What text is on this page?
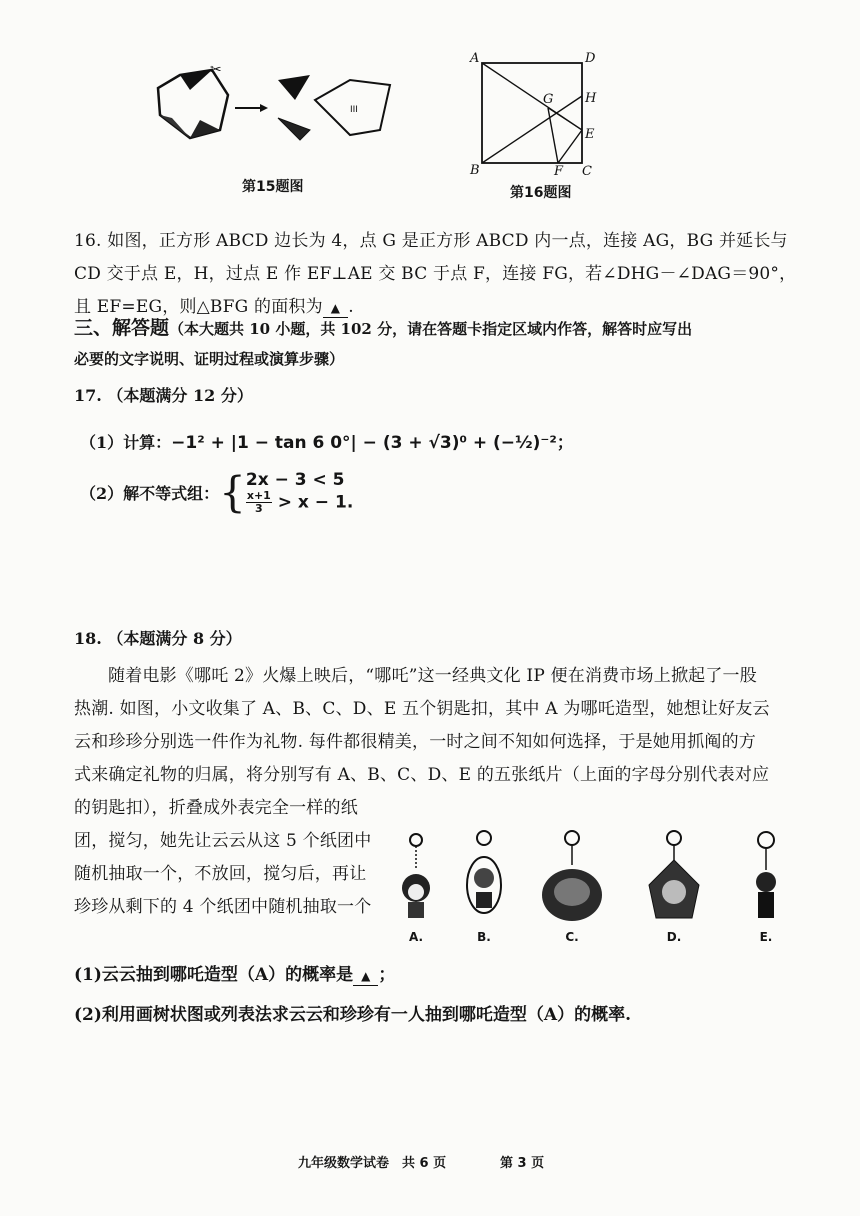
✂
III
第15题图
A	D
G H
E
B	F C
第16题图
16. 如图，正方形 ABCD 边长为 4，点 G 是正方形 ABCD 内一点，连接 AG，BG 并延长与
CD 交于点 E，H，过点 E 作 EF⊥AE 交 BC 于点 F，连接 FG，若∠DHG－∠DAG＝90°，
且 EF=EG，则△BFG 的面积为 ▲ .
三、解答题（本大题共 10 小题，共 102 分，请在答题卡指定区域内作答，解答时应写出
必要的文字说明、证明过程或演算步骤）
17. （本题满分 12 分）
（1）计算：−1² + |1 − tan 6 0°| − (3 + √3)⁰ + (−½)⁻²；
（2）解不等式组：{ 2x − 3 < 5
$\frac{x+1}{3} > x - 1$.
18. （本题满分 8 分）
随着电影《哪吒 2》火爆上映后，“哪吒”这一经典文化 IP 便在消费市场上掀起了一股
热潮. 如图，小文收集了 A、B、C、D、E 五个钥匙扣，其中 A 为哪吒造型，她想让好友云
云和珍珍分别选一件作为礼物. 每件都很精美，一时之间不知如何选择，于是她用抓阄的方
式来确定礼物的归属，将分别写有 A、B、C、D、E 的五张纸片（上面的字母分别代表对应
的钥匙扣），折叠成外表完全一样的纸
团，搅匀，她先让云云从这 5 个纸团中
随机抽取一个，不放回，搅匀后，再让
珍珍从剩下的 4 个纸团中随机抽取一个
A.	B.	C.	D.	E.
(1)云云抽到哪吒造型（A）的概率是 ▲ ；
(2)利用画树状图或列表法求云云和珍珍有一人抽到哪吒造型（A）的概率.
九年级数学试卷　共 6 页	第 3 页
